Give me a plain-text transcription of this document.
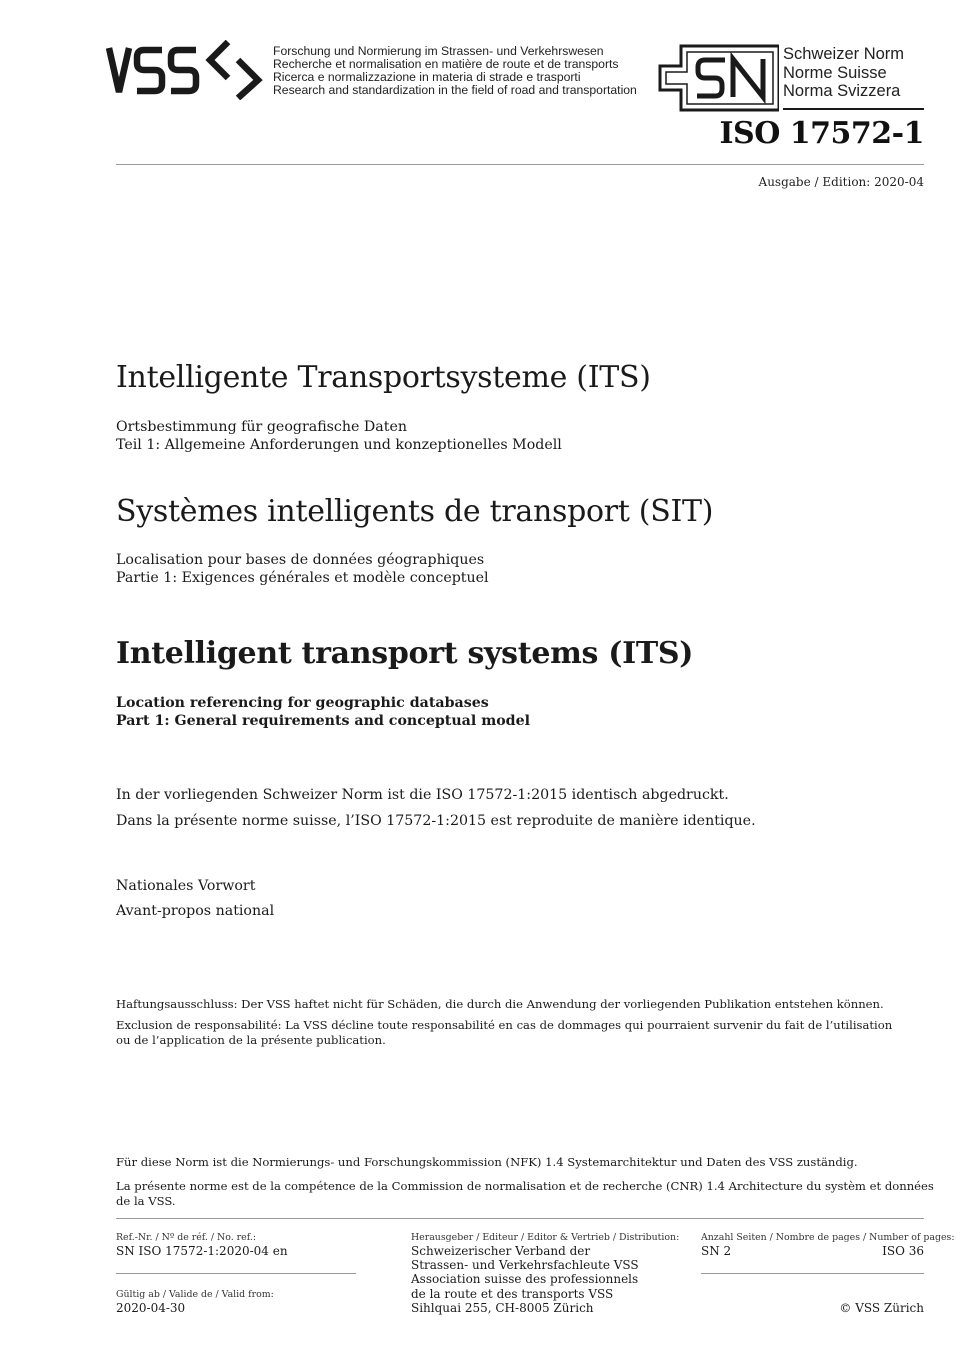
Forschung und Normierung im Strassen- und Verkehrswesen
Recherche et normalisation en matière de route et de transports
Ricerca e normalizzazione in materia di strade e trasporti
Research and standardization in the field of road and transportation
Schweizer Norm
Norme Suisse
Norma Svizzera
ISO 17572-1
Ausgabe / Edition: 2020-04
Intelligente Transportsysteme (ITS)
Ortsbestimmung für geografische Daten
Teil 1: Allgemeine Anforderungen und konzeptionelles Modell
Systèmes intelligents de transport (SIT)
Localisation pour bases de données géographiques
Partie 1: Exigences générales et modèle conceptuel
Intelligent transport systems (ITS)
Location referencing for geographic databases
Part 1: General requirements and conceptual model
In der vorliegenden Schweizer Norm ist die ISO 17572-1:2015 identisch abgedruckt.
Dans la présente norme suisse, l’ISO 17572-1:2015 est reproduite de manière identique.
Nationales Vorwort
Avant-propos national
Haftungsausschluss: Der VSS haftet nicht für Schäden, die durch die Anwendung der vorliegenden Publikation entstehen können.
Exclusion de responsabilité: La VSS décline toute responsabilité en cas de dommages qui pourraient survenir du fait de l’utilisation
ou de l’application de la présente publication.
Für diese Norm ist die Normierungs- und Forschungskommission (NFK) 1.4 Systemarchitektur und Daten des VSS zuständig.
La présente norme est de la compétence de la Commission de normalisation et de recherche (CNR) 1.4 Architecture du systèm et données
de la VSS.
Ref.-Nr. / Nº de réf. / No. ref.:
SN ISO 17572-1:2020-04 en
Gültig ab / Valide de / Valid from:
2020-04-30
Herausgeber / Editeur / Editor & Vertrieb / Distribution:
Schweizerischer Verband der
Strassen- und Verkehrsfachleute VSS
Association suisse des professionnels
de la route et des transports VSS
Sihlquai 255, CH-8005 Zürich
Anzahl Seiten / Nombre de pages / Number of pages:
SN 2	ISO 36
© VSS Zürich
